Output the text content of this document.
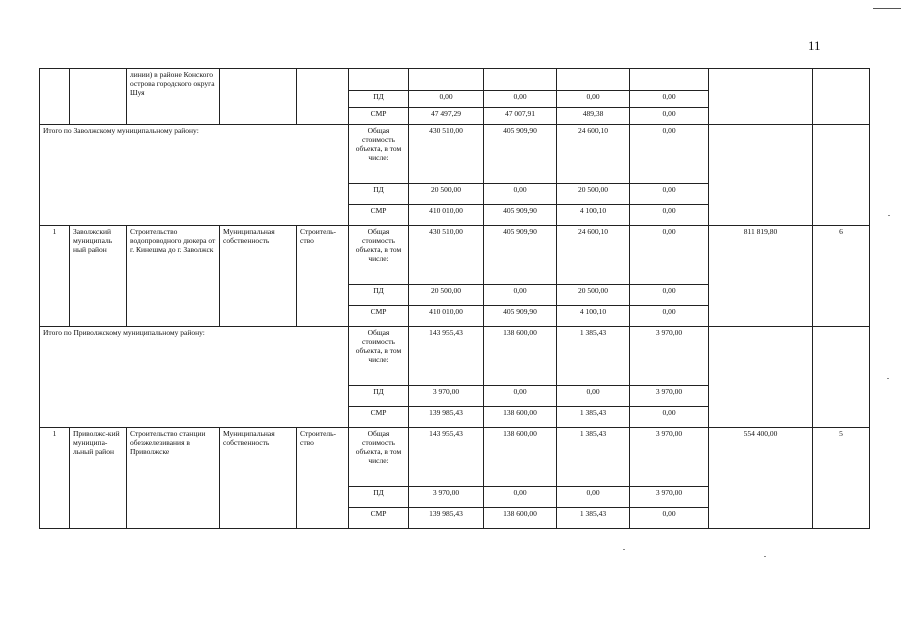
11
		линии) в районе Конского острова городского округа Шуя									
					ПД	0,00	0,00	0,00	0,00		
					СМР	47 497,29	47 007,91	489,38	0,00		
Итого по Заволжскому муниципальному району:					Общая стоимость объекта, в том числе:	430 510,00	405 909,90	24 600,10	0,00		
					ПД	20 500,00	0,00	20 500,00	0,00		
					СМР	410 010,00	405 909,90	4 100,10	0,00		
1	Заволжский муниципаль ный район	Строительство водопроводного дюкера от г. Кинешма до г. Заволжск	Муниципальная собственность	Строитель-ство	Общая стоимость объекта, в том числе:	430 510,00	405 909,90	24 600,10	0,00	811 819,80	6
					ПД	20 500,00	0,00	20 500,00	0,00		
					СМР	410 010,00	405 909,90	4 100,10	0,00		
Итого по Приволжскому муниципальному району:					Общая стоимость объекта, в том числе:	143 955,43	138 600,00	1 385,43	3 970,00		
					ПД	3 970,00	0,00	0,00	3 970,00		
					СМР	139 985,43	138 600,00	1 385,43	0,00		
1	Приволжс-кий муниципа-льный район	Строительство станции обезжелезивания в Приволжске	Муниципальная собственность	Строитель-ство	Общая стоимость объекта, в том числе:	143 955,43	138 600,00	1 385,43	3 970,00	554 400,00	5
					ПД	3 970,00	0,00	0,00	3 970,00		
					СМР	139 985,43	138 600,00	1 385,43	0,00		
